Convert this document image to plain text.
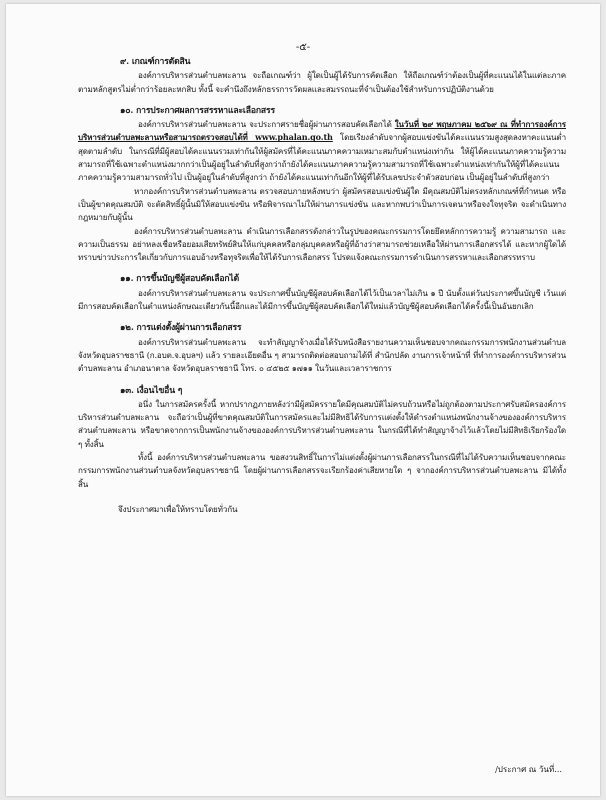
-๕-
๙. เกณฑ์การตัดสิน

องค์การบริหารส่วนตำบลพะลาน จะถือเกณฑ์ว่า ผู้ใดเป็นผู้ได้รับการคัดเลือก ให้ถือเกณฑ์ว่าต้องเป็นผู้ที่คะแนนได้ในแต่ละภาคตามหลักสูตรไม่ต่ำกว่าร้อยละหกสิบ ทั้งนี้ จะคำนึงถึงหลักธรรการวัดผลและสมรรถนะที่จำเป็นต้องใช้สำหรับการปฏิบัติงานด้วย

๑๐. การประกาศผลการสรรหาและเลือกสรร

องค์การบริหารส่วนตำบลพะลาน จะประกาศรายชื่อผู้ผ่านการสอบคัดเลือกได้ ในวันที่ ๒๙ พฤษภาคม ๒๕๖๙ ณ ที่ทำการองค์การบริหารส่วนตำบลพะลานหรือสามารถตรวจสอบได้ที่ www.phalan.go.th โดยเรียงลำดับจากผู้สอบแข่งขันได้คะแนนรวมสูงสุดลงหาคะแนนต่ำสุดตามลำดับ ในกรณีที่มีผู้สอบได้คะแนนรวมเท่ากันให้ผู้สมัครที่ได้คะแนนภาคความเหมาะสมกับตำแหน่งเท่ากัน ให้ผู้ได้คะแนนภาคความรู้ความสามารถที่ใช้เฉพาะตำแหน่งมากกว่าเป็นผู้อยู่ในลำดับที่สูงกว่าถ้ายังได้คะแนนภาคความรู้ความสามารถที่ใช้เฉพาะตำแหน่งเท่ากันให้ผู้ที่ได้คะแนนภาคความรู้ความสามารถทั่วไป เป็นผู้อยู่ในลำดับที่สูงกว่า ถ้ายังได้คะแนนเท่ากันอีกให้ผู้ที่ได้รับเลขประจำตัวสอบก่อน เป็นผู้อยู่ในลำดับที่สูงกว่า

หากองค์การบริหารส่วนตำบลพะลาน ตรวจสอบภายหลังพบว่า ผู้สมัครสอบแข่งขันผู้ใด มีคุณสมบัติไม่ตรงหลักเกณฑ์ที่กำหนด หรือเป็นผู้ขาดคุณสมบัติ จะตัดสิทธิ์ผู้นั้นมิให้สอบแข่งขัน หรือพิจารณาไม่ให้ผ่านการแข่งขัน และหากพบว่าเป็นการเจตนาหรือจงใจทุจริต จะดำเนินทางกฎหมายกับผู้นั้น

องค์การบริหารส่วนตำบลพะลาน ดำเนินการเลือกสรรดังกล่าวในรูปของคณะกรรมการโดยยึดหลักการความรู้ ความสามารถ และความเป็นธรรม อย่าหลงเชื่อหรือยอมเสียทรัพย์สินให้แก่บุคคลหรือกลุ่มบุคคลหรือผู้ที่อ้างว่าสามารถช่วยเหลือให้ผ่านการเลือกสรรได้ และหากผู้ใดได้ทราบข่าวประการใดเกี่ยวกับการแอบอ้างหรือทุจริตเพื่อให้ได้รับการเลือกสรร โปรดแจ้งคณะกรรมการดำเนินการสรรหาและเลือกสรรทราบ

๑๑. การขึ้นบัญชีผู้สอบคัดเลือกได้

องค์การบริหารส่วนตำบลพะลาน จะประกาศขึ้นบัญชีผู้สอบคัดเลือกได้ไว้เป็นเวลาไม่เกิน ๑ ปี นับตั้งแต่วันประกาศขึ้นบัญชี เว้นแต่มีการสอบคัดเลือกในตำแหน่งลักษณะเดียวกันนี้อีกและได้มีการขึ้นบัญชีผู้สอบคัดเลือกได้ใหม่แล้วบัญชีผู้สอบคัดเลือกได้ครั้งนี้เป็นอันยกเลิก

๑๒. การแต่งตั้งผู้ผ่านการเลือกสรร

องค์การบริหารส่วนตำบลพะลาน จะทำสัญญาจ้างเมื่อได้รับหนังสือรายงานความเห็นชอบจากคณะกรรมการพนักงานส่วนตำบลจังหวัดอุบลราชธานี (ก.อบต.จ.อุบลฯ) แล้ว รายละเอียดอื่น ๆ สามารถติดต่อสอบถามได้ที่ สำนักปลัด งานการเจ้าหน้าที่ ที่ทำการองค์การบริหารส่วนตำบลพะลาน อำเภอนาตาล จังหวัดอุบลราชธานี โทร. ๐ ๔๕๒๕ ๑๗๑๑ ในวันและเวลาราชการ

๑๓. เงื่อนไขอื่น ๆ

อนึ่ง ในการสมัครครั้งนี้ หากปรากฏภายหลังว่ามีผู้สมัครรายใดมีคุณสมบัติไม่ครบถ้วนหรือไม่ถูกต้องตามประกาศรับสมัครองค์การบริหารส่วนตำบลพะลาน จะถือว่าเป็นผู้ที่ขาดคุณสมบัติในการสมัครและไม่มีสิทธิได้รับการแต่งตั้งให้ดำรงตำแหน่งพนักงานจ้างขององค์การบริหารส่วนตำบลพะลาน หรือขาดจากการเป็นพนักงานจ้างขององค์การบริหารส่วนตำบลพะลาน ในกรณีที่ได้ทำสัญญาจ้างไว้แล้วโดยไม่มีสิทธิเรียกร้องใด ๆ ทั้งสิ้น

ทั้งนี้ องค์การบริหารส่วนตำบลพะลาน ขอสงวนสิทธิ์ในการไม่แต่งตั้งผู้ผ่านการเลือกสรรในกรณีที่ไม่ได้รับความเห็นชอบจากคณะกรรมการพนักงานส่วนตำบลจังหวัดอุบลราชธานี โดยผู้ผ่านการเลือกสรรจะเรียกร้องค่าเสียหายใด ๆ จากองค์การบริหารส่วนตำบลพะลาน มิได้ทั้งสิ้น

จึงประกาศมาเพื่อให้ทราบโดยทั่วกัน

/ประกาศ ณ วันที่...
